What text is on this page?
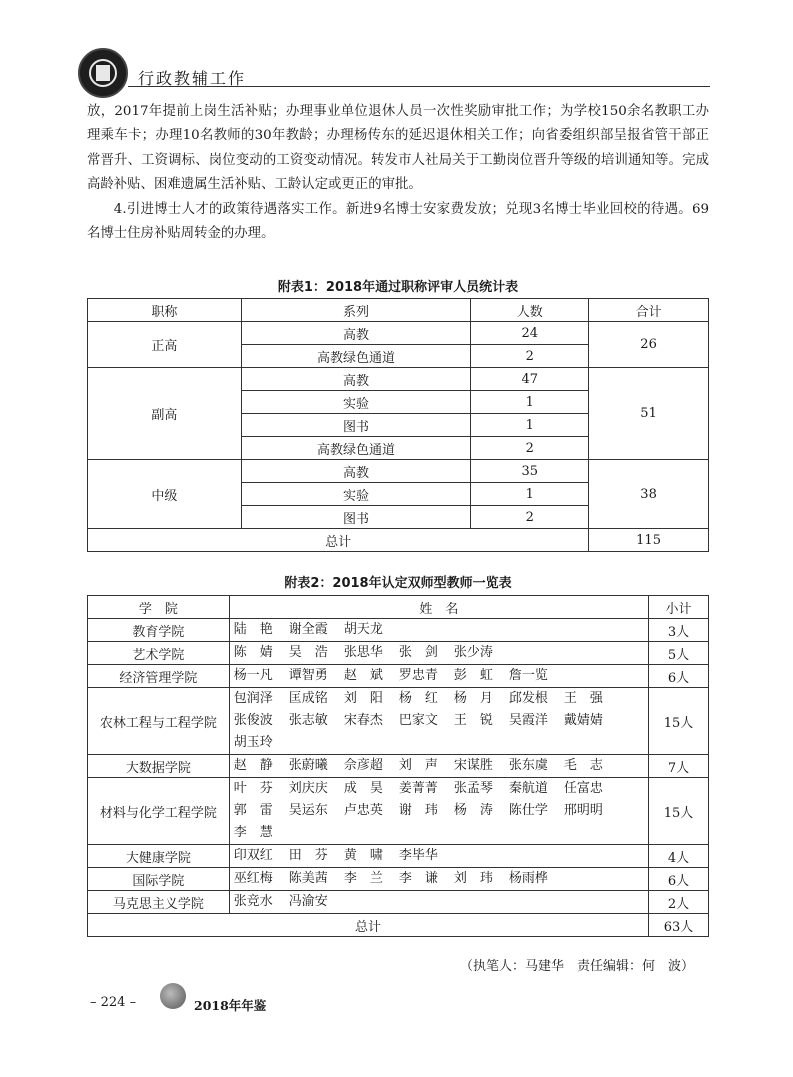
行政教辅工作

放，2017年提前上岗生活补贴；办理事业单位退休人员一次性奖励审批工作；为学校150余名教职工办理乘车卡；办理10名教师的30年教龄；办理杨传东的延迟退休相关工作；向省委组织部呈报省管干部正常晋升、工资调标、岗位变动的工资变动情况。转发市人社局关于工勤岗位晋升等级的培训通知等。完成高龄补贴、困难遗属生活补贴、工龄认定或更正的审批。

4.引进博士人才的政策待遇落实工作。新进9名博士安家费发放；兑现3名博士毕业回校的待遇。69名博士住房补贴周转金的办理。

附表1：2018年通过职称评审人员统计表
职称	系列	人数	合计
正高	高教	24	26
	高教绿色通道	2	
副高	高教	47	51
	实验	1	
	图书	1	
	高教绿色通道	2	
中级	高教	35	38
	实验	1	
	图书	2	
总计			115
附表2：2018年认定双师型教师一览表
学　院	姓　名	小计
教育学院	陆　艳 谢全霞 胡天龙	3人
艺术学院	陈　婧 吴　浩 张思华 张　剑 张少涛	5人
经济管理学院	杨一凡 谭智勇 赵　斌 罗忠青 彭　虹 詹一览	6人
农林工程与工程学院	包润泽 匡成铭 刘　阳 杨　红 杨　月 邱发根 王　强张俊波 张志敏 宋春杰 巴家文 王　锐 吴霞洋 戴婧婧胡玉玲	15人
大数据学院	赵　静 张蔚曦 佘彦超 刘　声 宋谋胜 张东虞 毛　志	7人
材料与化学工程学院	叶　芬 刘庆庆 成　昊 姜菁菁 张孟琴 秦航道 任富忠郭　雷 吴运东 卢忠英 谢　玮 杨　涛 陈仕学 邢明明李　慧	15人
大健康学院	印双红 田　芬 黄　啸 李毕华	4人
国际学院	巫红梅 陈美茜 李　兰 李　谦 刘　玮 杨雨桦	6人
马克思主义学院	张竞水 冯渝安	2人
总计		63人
（执笔人：马建华　责任编辑：何　波）
– 224 –	2018年年鉴
